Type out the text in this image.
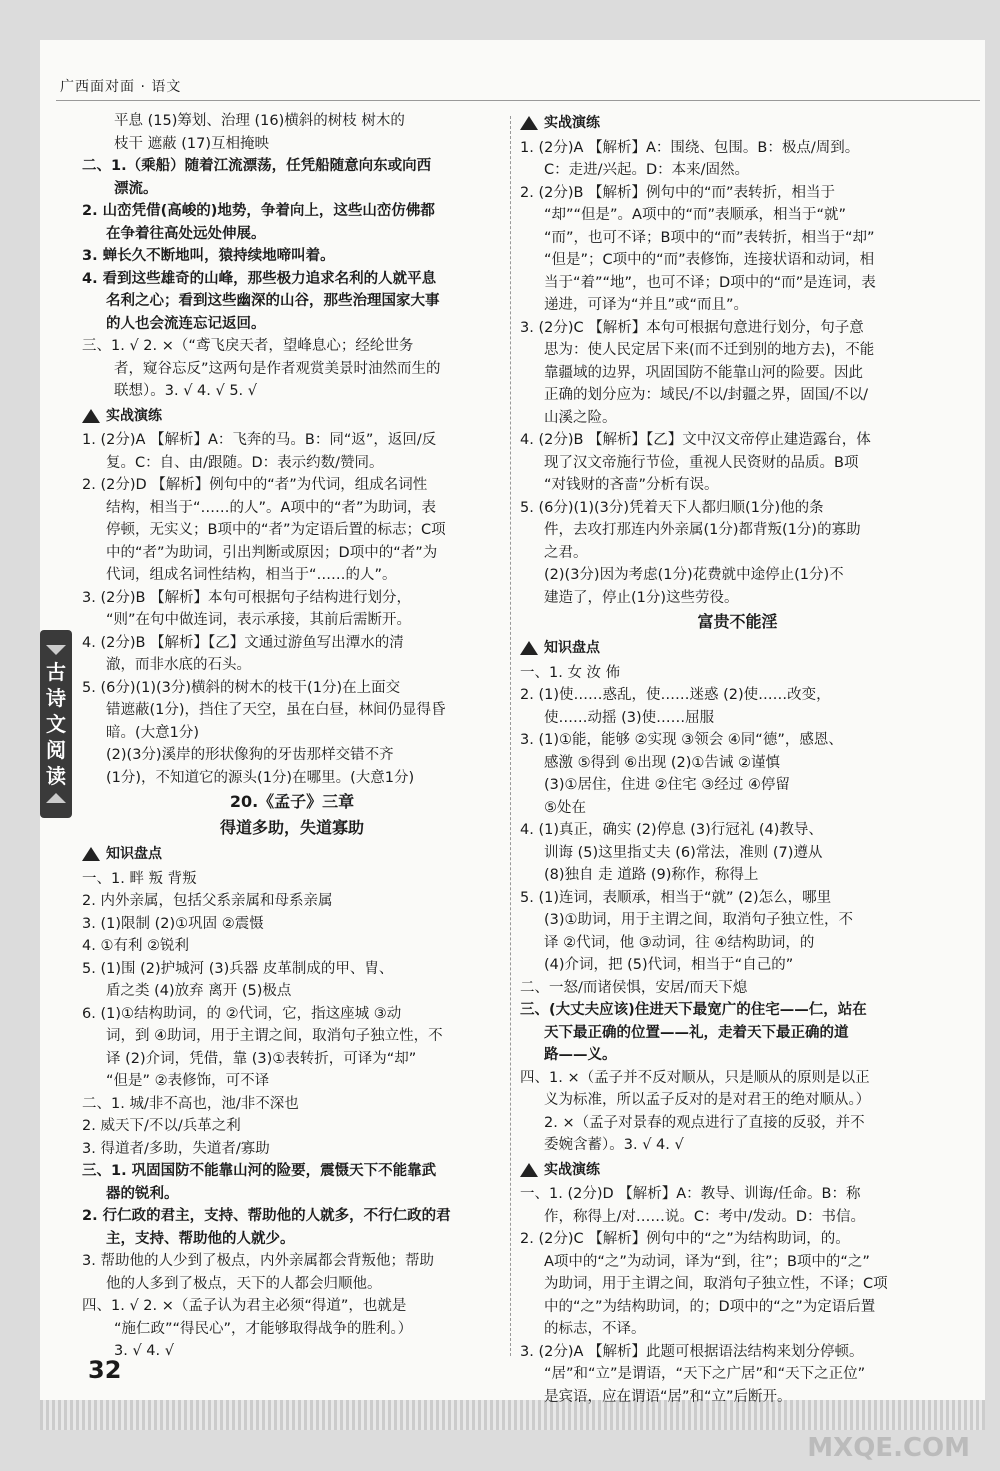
广西面对面 · 语文
平息 (15)筹划、治理 (16)横斜的树枝 树木的
枝干 遮蔽 (17)互相掩映
二、1.（乘船）随着江流漂荡，任凭船随意向东或向西
漂流。
2. 山峦凭借(高峻的)地势，争着向上，这些山峦仿佛都
在争着往高处远处伸展。
3. 蝉长久不断地叫，猿持续地啼叫着。
4. 看到这些雄奇的山峰，那些极力追求名利的人就平息
名利之心；看到这些幽深的山谷，那些治理国家大事
的人也会流连忘记返回。
三、1. √ 2. ×（“鸢飞戾天者，望峰息心；经纶世务
者，窥谷忘反”这两句是作者观赏美景时油然而生的
联想）。3. √ 4. √ 5. √
实战演练
1. (2分)A 【解析】A：飞奔的马。B：同“返”，返回/反
复。C：自、由/跟随。D：表示约数/赞同。
2. (2分)D 【解析】例句中的“者”为代词，组成名词性
结构，相当于“……的人”。A项中的“者”为助词，表
停顿，无实义；B项中的“者”为定语后置的标志；C项
中的“者”为助词，引出判断或原因；D项中的“者”为
代词，组成名词性结构，相当于“……的人”。
3. (2分)B 【解析】本句可根据句子结构进行划分，
“则”在句中做连词，表示承接，其前后需断开。
4. (2分)B 【解析】【乙】文通过游鱼写出潭水的清
澈，而非水底的石头。
5. (6分)(1)(3分)横斜的树木的枝干(1分)在上面交
错遮蔽(1分)，挡住了天空，虽在白昼，林间仍显得昏
暗。(大意1分)
(2)(3分)溪岸的形状像狗的牙齿那样交错不齐
(1分)，不知道它的源头(1分)在哪里。(大意1分)
20.《孟子》三章
得道多助，失道寡助
知识盘点
一、1. 畔 叛 背叛
2. 内外亲属，包括父系亲属和母系亲属
3. (1)限制 (2)①巩固 ②震慑
4. ①有利 ②锐利
5. (1)围 (2)护城河 (3)兵器 皮革制成的甲、胄、
盾之类 (4)放弃 离开 (5)极点
6. (1)①结构助词，的 ②代词，它，指这座城 ③动
词，到 ④助词，用于主谓之间，取消句子独立性，不
译 (2)介词，凭借，靠 (3)①表转折，可译为“却”
“但是” ②表修饰，可不译
二、1. 城/非不高也，池/非不深也
2. 威天下/不以/兵革之利
3. 得道者/多助，失道者/寡助
三、1. 巩固国防不能靠山河的险要，震慑天下不能靠武
器的锐利。
2. 行仁政的君主，支持、帮助他的人就多，不行仁政的君
主，支持、帮助他的人就少。
3. 帮助他的人少到了极点，内外亲属都会背叛他；帮助
他的人多到了极点，天下的人都会归顺他。
四、1. √ 2. ×（孟子认为君主必须“得道”，也就是
“施仁政”“得民心”，才能够取得战争的胜利。）
3. √ 4. √
实战演练
1. (2分)A 【解析】A：围绕、包围。B：极点/周到。
C：走进/兴起。D：本来/固然。
2. (2分)B 【解析】例句中的“而”表转折，相当于
“却”“但是”。A项中的“而”表顺承，相当于“就”
“而”，也可不译；B项中的“而”表转折，相当于“却”
“但是”；C项中的“而”表修饰，连接状语和动词，相
当于“着”“地”，也可不译；D项中的“而”是连词，表
递进，可译为“并且”或“而且”。
3. (2分)C 【解析】本句可根据句意进行划分，句子意
思为：使人民定居下来(而不迁到别的地方去)，不能
靠疆域的边界，巩固国防不能靠山河的险要。因此
正确的划分应为：域民/不以/封疆之界，固国/不以/
山溪之险。
4. (2分)B 【解析】【乙】文中汉文帝停止建造露台，体
现了汉文帝施行节俭，重视人民资财的品质。B项
“对钱财的吝啬”分析有误。
5. (6分)(1)(3分)凭着天下人都归顺(1分)他的条
件，去攻打那连内外亲属(1分)都背叛(1分)的寡助
之君。
(2)(3分)因为考虑(1分)花费就中途停止(1分)不
建造了，停止(1分)这些劳役。
富贵不能淫
知识盘点
一、1. 女 汝 佈
2. (1)使……惑乱，使……迷惑 (2)使……改变，
使……动摇 (3)使……屈服
3. (1)①能，能够 ②实现 ③领会 ④同“德”，感恩、
感激 ⑤得到 ⑥出现 (2)①告诫 ②谨慎
(3)①居住，住进 ②住宅 ③经过 ④停留
⑤处在
4. (1)真正，确实 (2)停息 (3)行冠礼 (4)教导、
训诲 (5)这里指丈夫 (6)常法，准则 (7)遵从
(8)独自 走 道路 (9)称作，称得上
5. (1)连词，表顺承，相当于“就” (2)怎么，哪里
(3)①助词，用于主谓之间，取消句子独立性，不
译 ②代词，他 ③动词，往 ④结构助词，的
(4)介词，把 (5)代词，相当于“自己的”
二、一怒/而诸侯惧，安居/而天下熄
三、(大丈夫应该)住进天下最宽广的住宅——仁，站在
天下最正确的位置——礼，走着天下最正确的道
路——义。
四、1. ×（孟子并不反对顺从，只是顺从的原则是以正
义为标准，所以孟子反对的是对君王的绝对顺从。）
2. ×（孟子对景春的观点进行了直接的反驳，并不
委婉含蓄）。3. √ 4. √
实战演练
一、1. (2分)D 【解析】A：教导、训诲/任命。B：称
作，称得上/对……说。C：考中/发动。D：书信。
2. (2分)C 【解析】例句中的“之”为结构助词，的。
A项中的“之”为动词，译为“到，往”；B项中的“之”
为助词，用于主谓之间，取消句子独立性，不译；C项
中的“之”为结构助词，的；D项中的“之”为定语后置
的标志，不译。
3. (2分)A 【解析】此题可根据语法结构来划分停顿。
“居”和“立”是谓语，“天下之广居”和“天下之正位”
是宾语，应在谓语“居”和“立”后断开。
古诗文阅读
32
MXQE.COM
